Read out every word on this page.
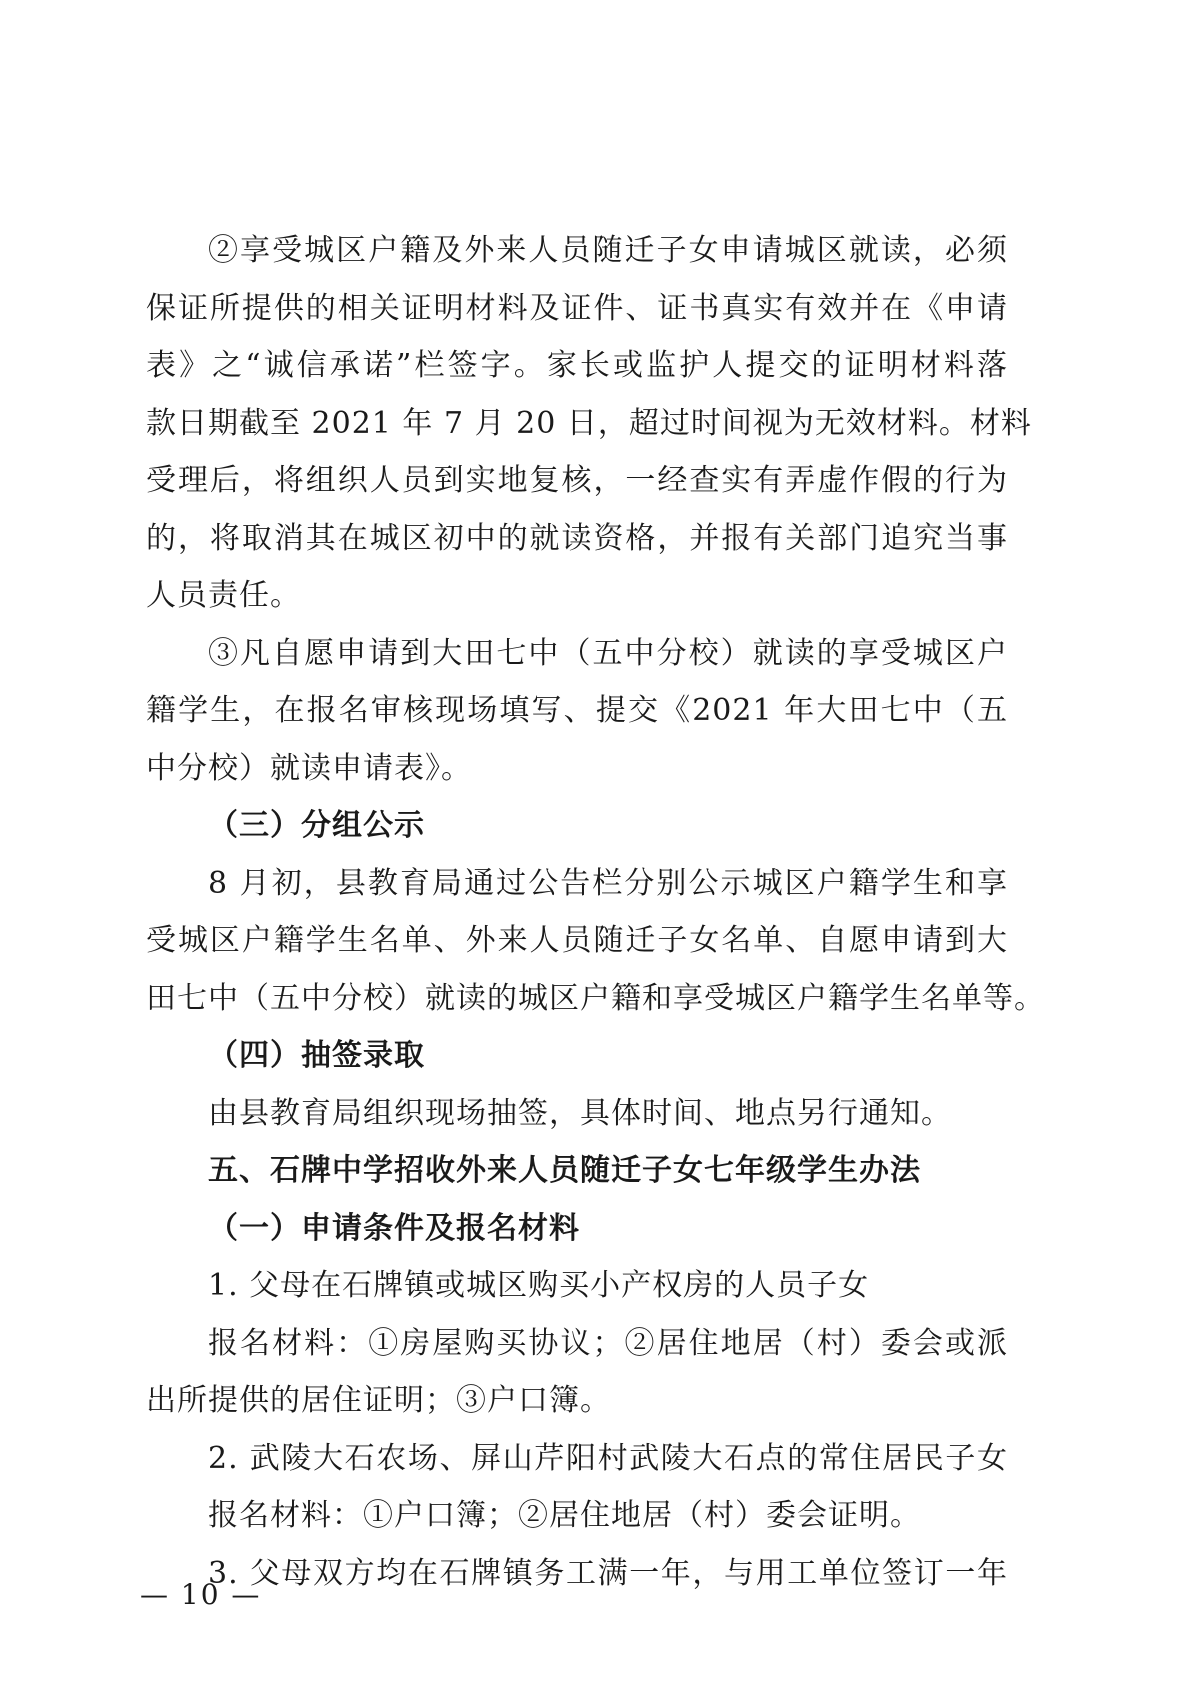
②享受城区户籍及外来人员随迁子女申请城区就读，必须
保证所提供的相关证明材料及证件、证书真实有效并在《申请
表》之“诚信承诺”栏签字。家长或监护人提交的证明材料落
款日期截至 2021 年 7 月 20 日，超过时间视为无效材料。材料
受理后，将组织人员到实地复核，一经查实有弄虚作假的行为
的，将取消其在城区初中的就读资格，并报有关部门追究当事
人员责任。
③凡自愿申请到大田七中（五中分校）就读的享受城区户
籍学生，在报名审核现场填写、提交《2021 年大田七中（五
中分校）就读申请表》。
（三）分组公示
8 月初，县教育局通过公告栏分别公示城区户籍学生和享
受城区户籍学生名单、外来人员随迁子女名单、自愿申请到大
田七中（五中分校）就读的城区户籍和享受城区户籍学生名单等。
（四）抽签录取
由县教育局组织现场抽签，具体时间、地点另行通知。
五、石牌中学招收外来人员随迁子女七年级学生办法
（一）申请条件及报名材料
1. 父母在石牌镇或城区购买小产权房的人员子女
报名材料：①房屋购买协议；②居住地居（村）委会或派
出所提供的居住证明；③户口簿。
2. 武陵大石农场、屏山芹阳村武陵大石点的常住居民子女
报名材料：①户口簿；②居住地居（村）委会证明。
3. 父母双方均在石牌镇务工满一年，与用工单位签订一年
— 10 —
